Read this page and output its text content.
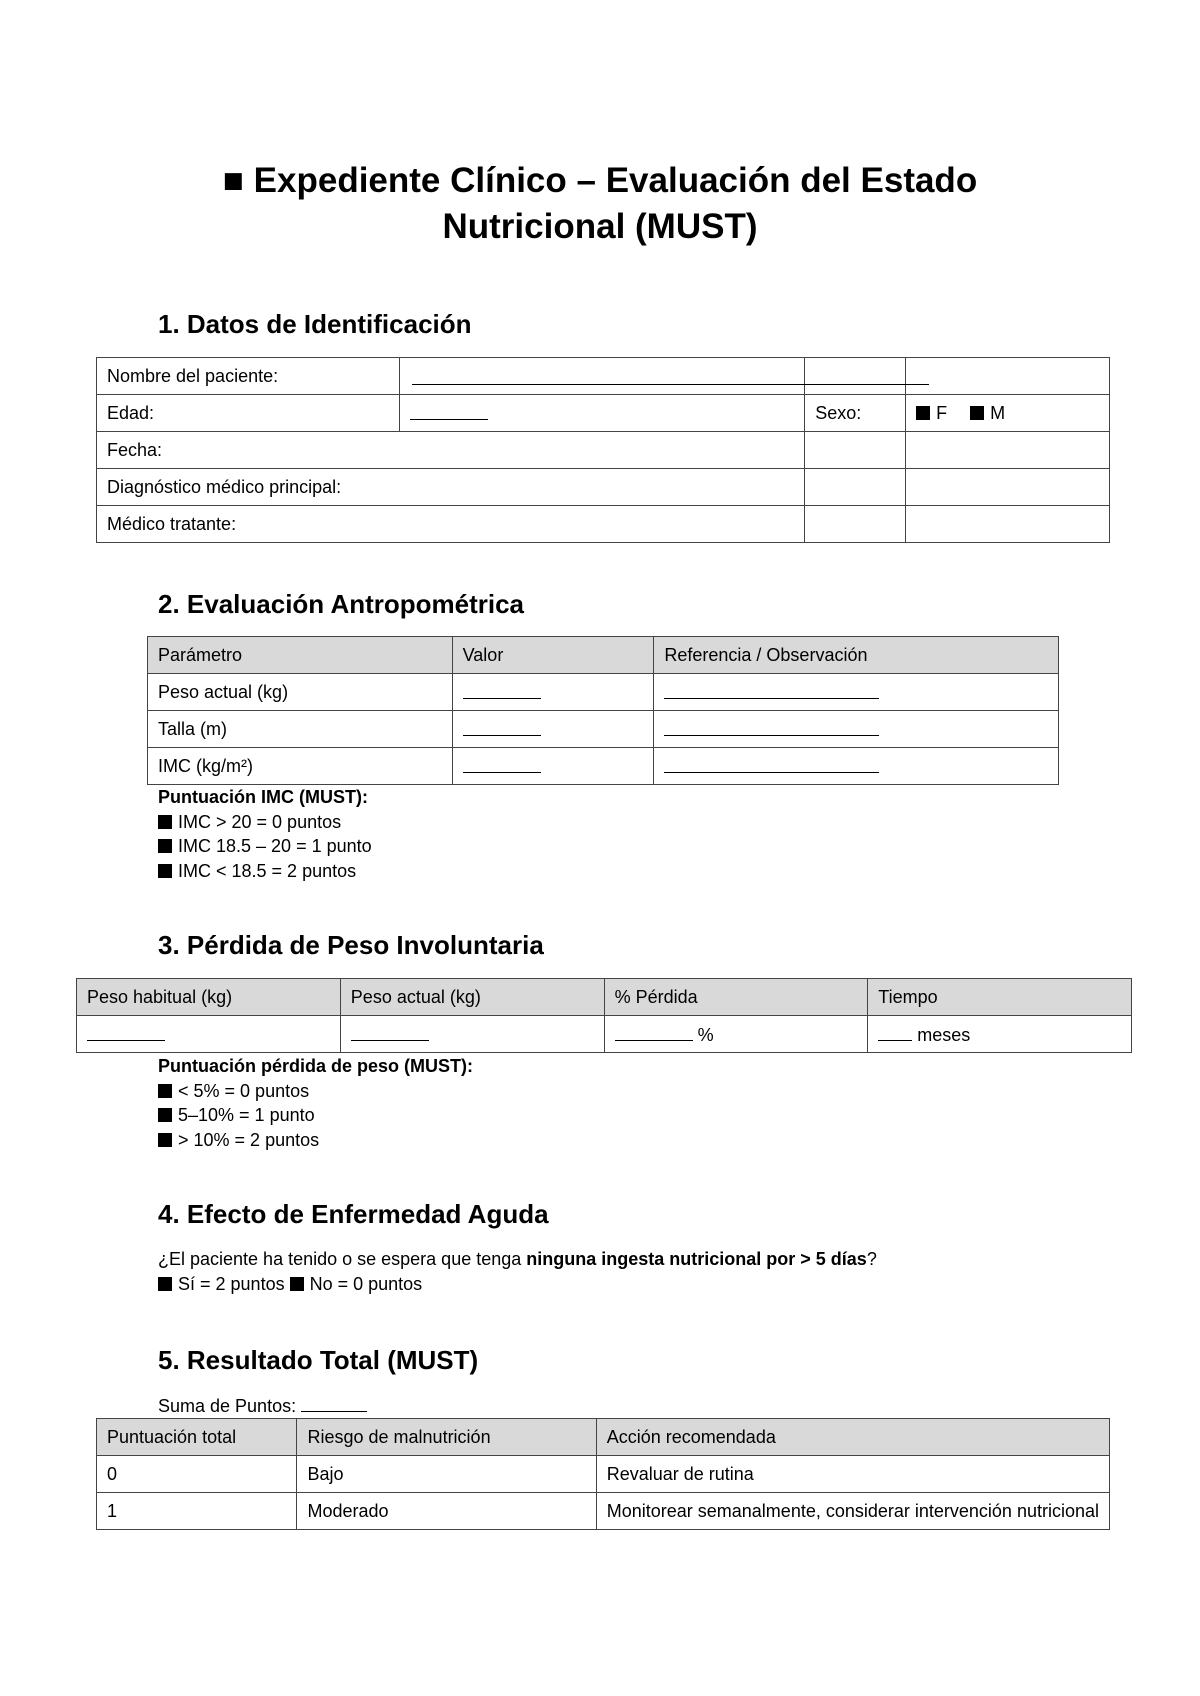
■ Expediente Clínico – Evaluación del Estado
Nutricional (MUST)
1. Datos de Identificación
Nombre del paciente:	

Edad:		Sexo:	F M
Fecha:			
Diagnóstico médico principal:			
Médico tratante:			
2. Evaluación Antropométrica
Parámetro	Valor	Referencia / Observación
Peso actual (kg)		
Talla (m)		
IMC (kg/m²)		
Puntuación IMC (MUST):
IMC > 20 = 0 puntos
IMC 18.5 – 20 = 1 punto
IMC < 18.5 = 2 puntos
3. Pérdida de Peso Involuntaria
Peso habitual (kg)	Peso actual (kg)	% Pérdida	Tiempo
		%	meses
Puntuación pérdida de peso (MUST):
< 5% = 0 puntos
5–10% = 1 punto
> 10% = 2 puntos
4. Efecto de Enfermedad Aguda
¿El paciente ha tenido o se espera que tenga ninguna ingesta nutricional por > 5 días?
Sí = 2 puntos No = 0 puntos
5. Resultado Total (MUST)
Suma de Puntos:
Puntuación total	Riesgo de malnutrición	Acción recomendada
0	Bajo	Revaluar de rutina
1	Moderado	Monitorear semanalmente, considerar intervención nutricional
